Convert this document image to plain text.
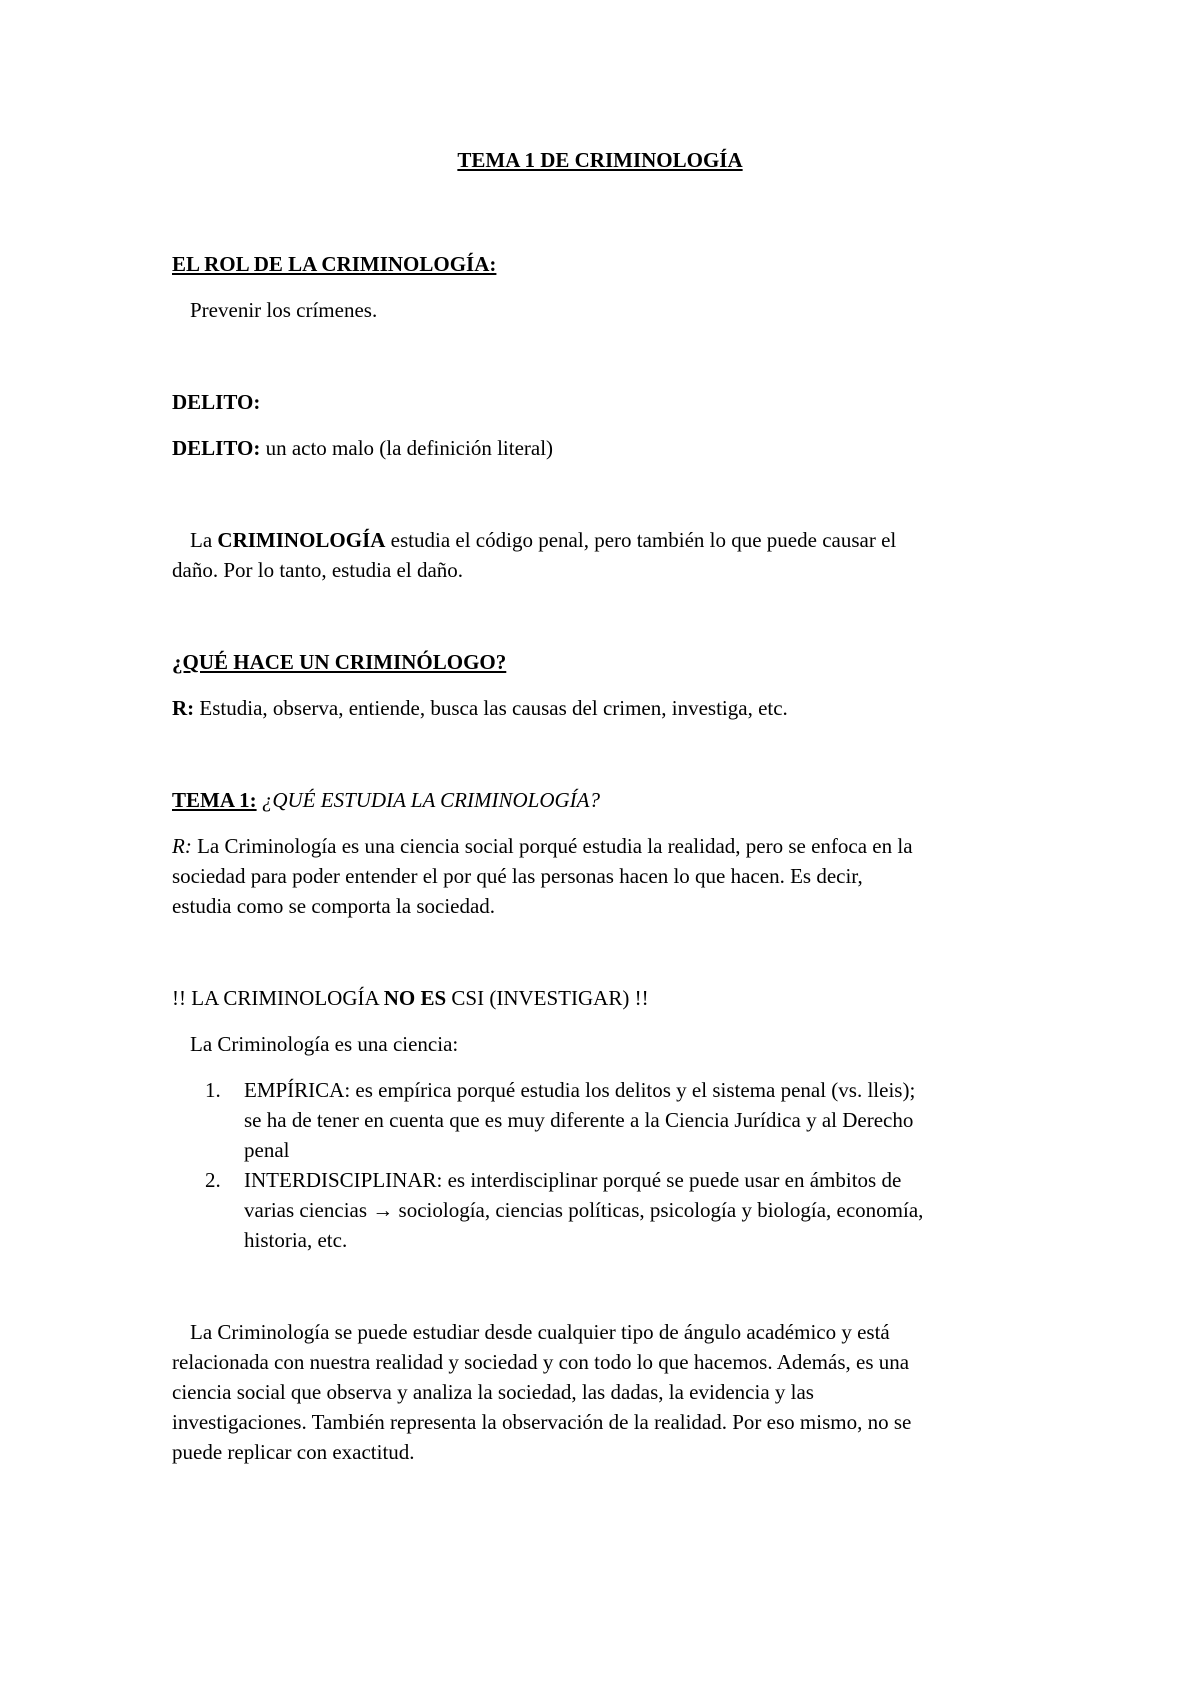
TEMA 1 DE CRIMINOLOGÍA

EL ROL DE LA CRIMINOLOGÍA:

Prevenir los crímenes.

DELITO:

DELITO: un acto malo (la definición literal)

La CRIMINOLOGÍA estudia el código penal, pero también lo que puede causar el

daño. Por lo tanto, estudia el daño.

¿QUÉ HACE UN CRIMINÓLOGO?

R: Estudia, observa, entiende, busca las causas del crimen, investiga, etc.

TEMA 1: ¿QUÉ ESTUDIA LA CRIMINOLOGÍA?

R: La Criminología es una ciencia social porqué estudia la realidad, pero se enfoca en la

sociedad para poder entender el por qué las personas hacen lo que hacen. Es decir,

estudia como se comporta la sociedad.

!! LA CRIMINOLOGÍA NO ES CSI (INVESTIGAR) !!

La Criminología es una ciencia:

1. EMPÍRICA: es empírica porqué estudia los delitos y el sistema penal (vs. lleis);
se ha de tener en cuenta que es muy diferente a la Ciencia Jurídica y al Derecho
penal
2. INTERDISCIPLINAR: es interdisciplinar porqué se puede usar en ámbitos de
varias ciencias → sociología, ciencias políticas, psicología y biología, economía,
historia, etc.

La Criminología se puede estudiar desde cualquier tipo de ángulo académico y está

relacionada con nuestra realidad y sociedad y con todo lo que hacemos. Además, es una

ciencia social que observa y analiza la sociedad, las dadas, la evidencia y las

investigaciones. También representa la observación de la realidad. Por eso mismo, no se

puede replicar con exactitud.
